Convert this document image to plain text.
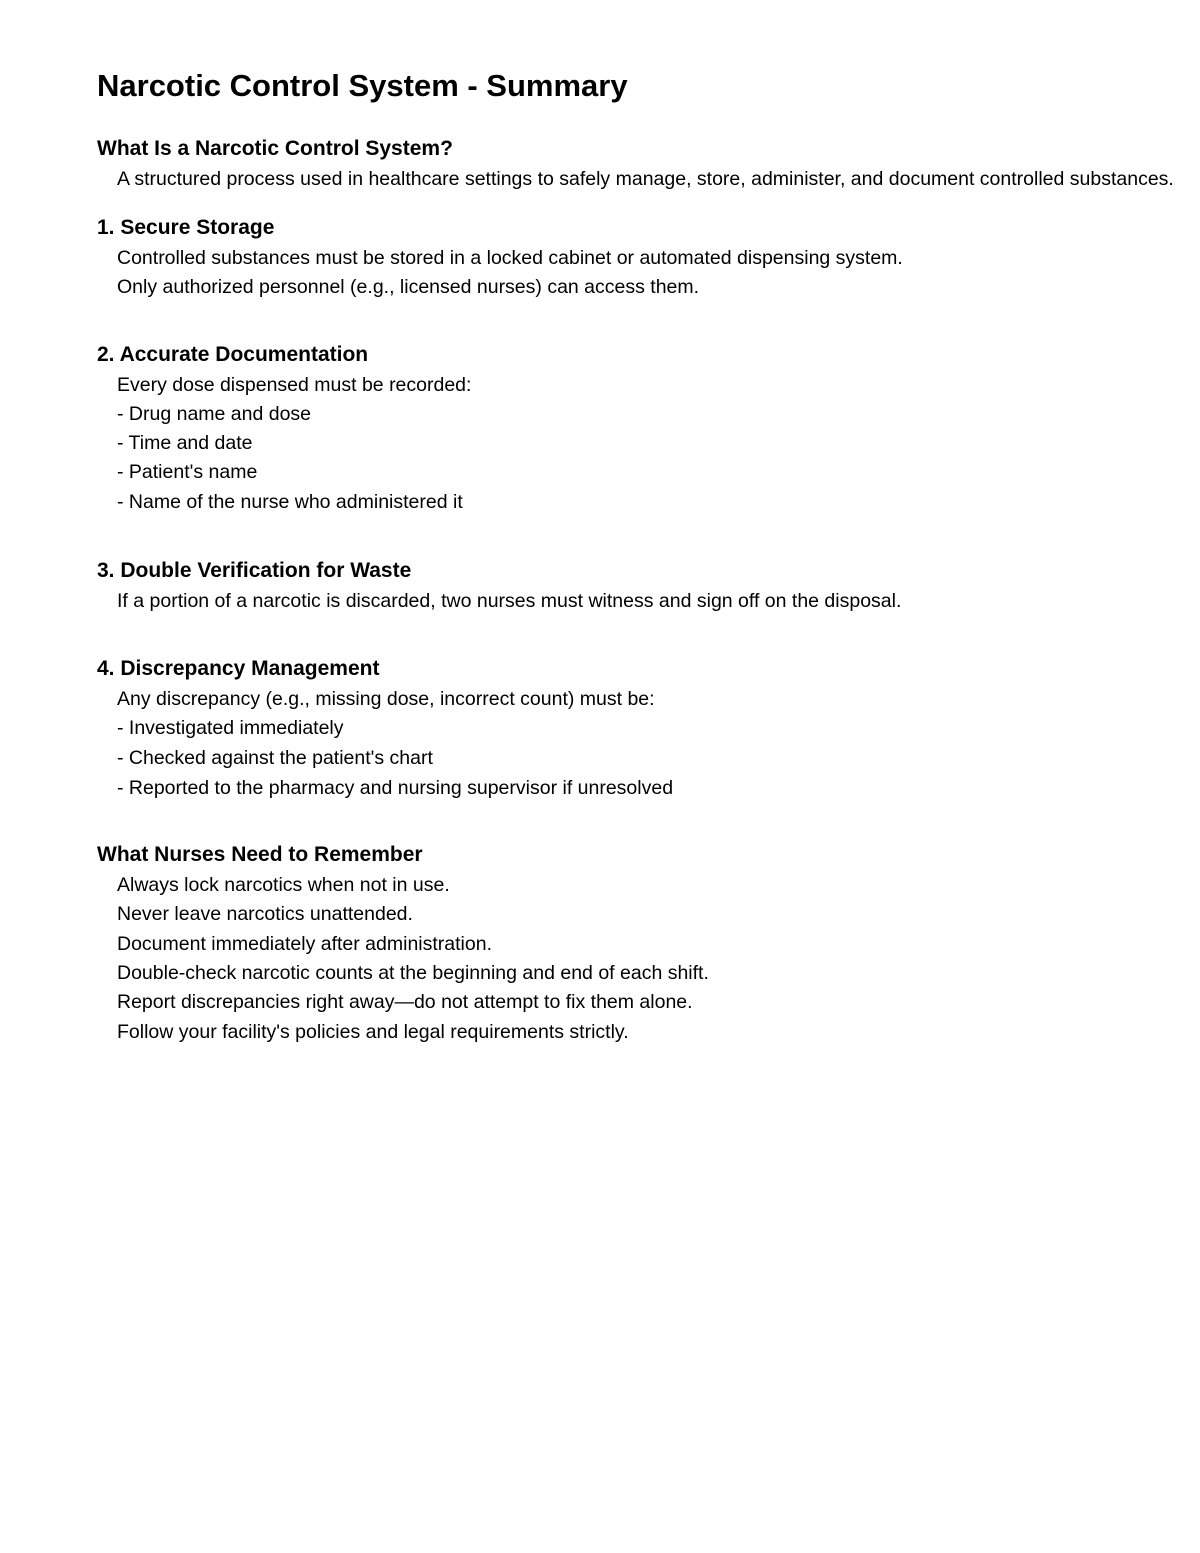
Narcotic Control System - Summary
What Is a Narcotic Control System?

A structured process used in healthcare settings to safely manage, store, administer, and document controlled substances.

1. Secure Storage

Controlled substances must be stored in a locked cabinet or automated dispensing system.

Only authorized personnel (e.g., licensed nurses) can access them.

2. Accurate Documentation

Every dose dispensed must be recorded:

- Drug name and dose

- Time and date

- Patient's name

- Name of the nurse who administered it

3. Double Verification for Waste

If a portion of a narcotic is discarded, two nurses must witness and sign off on the disposal.

4. Discrepancy Management

Any discrepancy (e.g., missing dose, incorrect count) must be:

- Investigated immediately

- Checked against the patient's chart

- Reported to the pharmacy and nursing supervisor if unresolved

What Nurses Need to Remember

Always lock narcotics when not in use.

Never leave narcotics unattended.

Document immediately after administration.

Double-check narcotic counts at the beginning and end of each shift.

Report discrepancies right away—do not attempt to fix them alone.

Follow your facility's policies and legal requirements strictly.
